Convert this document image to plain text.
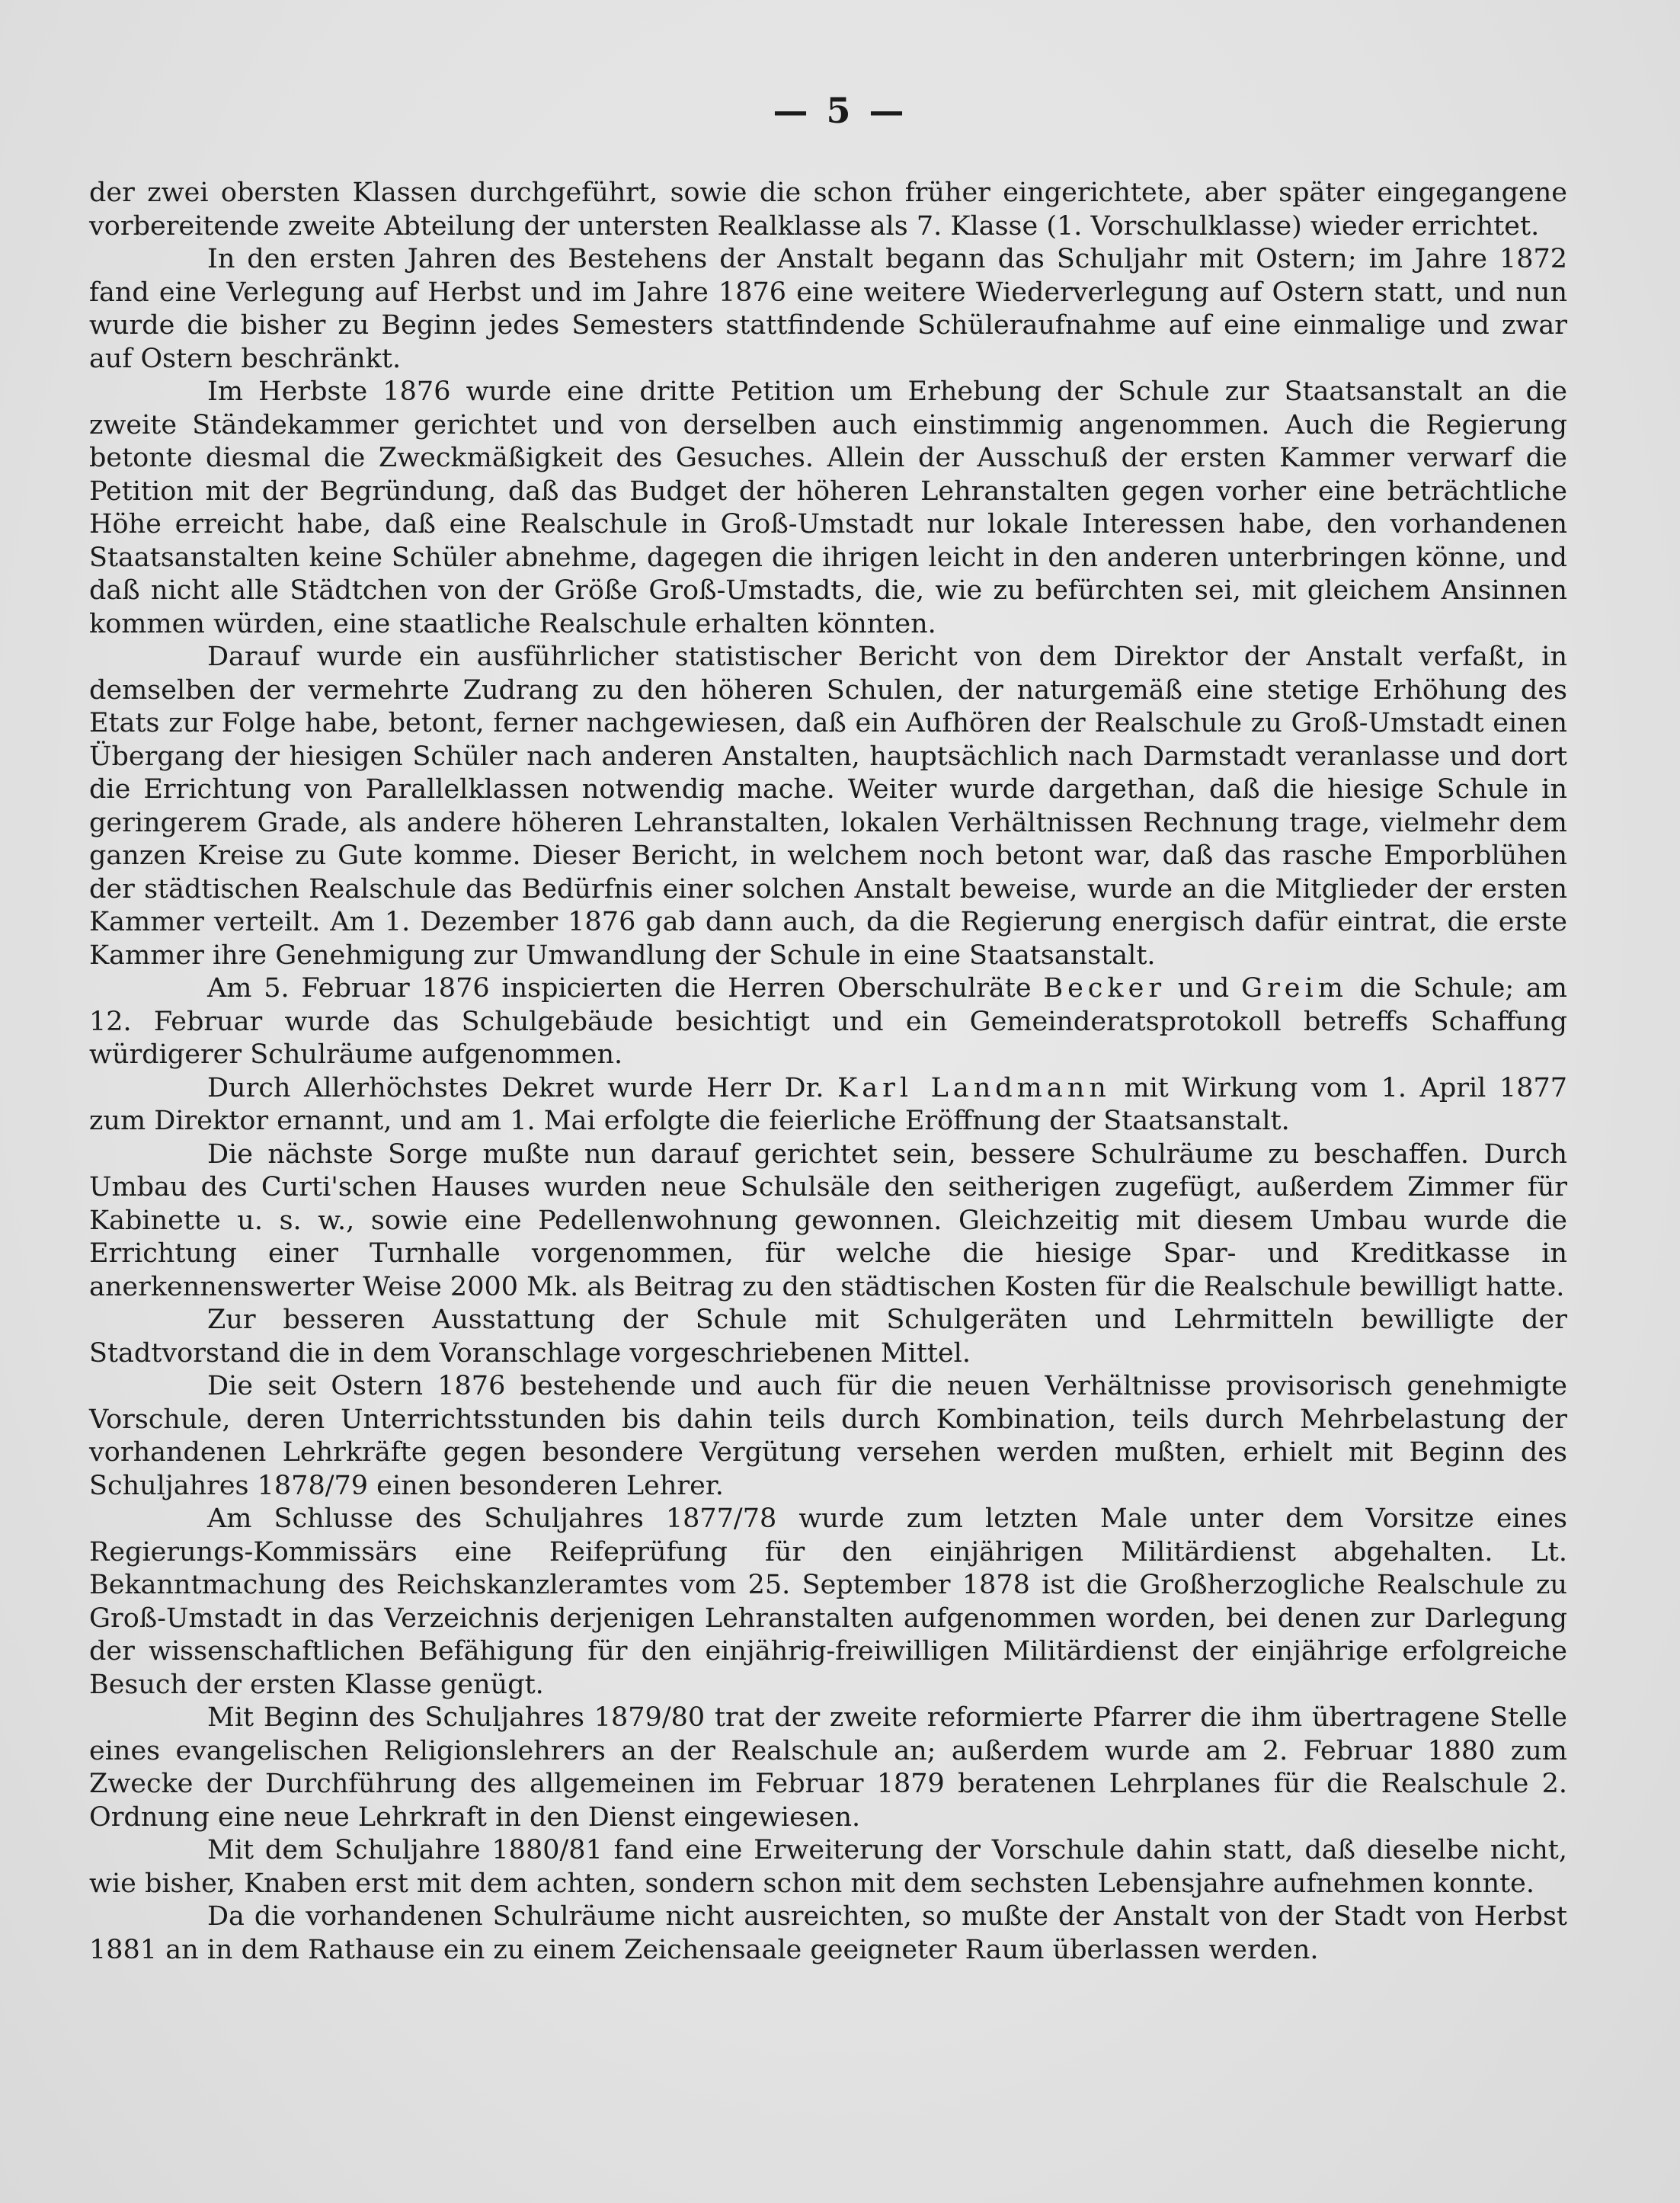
— 5 —

der zwei obersten Klassen durchgeführt, sowie die schon früher eingerichtete, aber später eingegangene vorbereitende zweite Abteilung der untersten Realklasse als 7. Klasse (1. Vorschulklasse) wieder errichtet.

In den ersten Jahren des Bestehens der Anstalt begann das Schuljahr mit Ostern; im Jahre 1872 fand eine Verlegung auf Herbst und im Jahre 1876 eine weitere Wiederverlegung auf Ostern statt, und nun wurde die bisher zu Beginn jedes Semesters stattfindende Schüleraufnahme auf eine einmalige und zwar auf Ostern beschränkt.

Im Herbste 1876 wurde eine dritte Petition um Erhebung der Schule zur Staatsanstalt an die zweite Ständekammer gerichtet und von derselben auch einstimmig angenommen. Auch die Regierung betonte diesmal die Zweckmäßigkeit des Gesuches. Allein der Ausschuß der ersten Kammer verwarf die Petition mit der Begründung, daß das Budget der höheren Lehranstalten gegen vorher eine beträchtliche Höhe erreicht habe, daß eine Realschule in Groß-Umstadt nur lokale Interessen habe, den vorhandenen Staatsanstalten keine Schüler abnehme, dagegen die ihrigen leicht in den anderen unterbringen könne, und daß nicht alle Städtchen von der Größe Groß-Umstadts, die, wie zu befürchten sei, mit gleichem Ansinnen kommen würden, eine staatliche Realschule erhalten könnten.

Darauf wurde ein ausführlicher statistischer Bericht von dem Direktor der Anstalt verfaßt, in demselben der vermehrte Zudrang zu den höheren Schulen, der naturgemäß eine stetige Erhöhung des Etats zur Folge habe, betont, ferner nachgewiesen, daß ein Aufhören der Realschule zu Groß-Umstadt einen Übergang der hiesigen Schüler nach anderen Anstalten, hauptsächlich nach Darmstadt veranlasse und dort die Errichtung von Parallelklassen notwendig mache. Weiter wurde dargethan, daß die hiesige Schule in geringerem Grade, als andere höheren Lehranstalten, lokalen Verhältnissen Rechnung trage, vielmehr dem ganzen Kreise zu Gute komme. Dieser Bericht, in welchem noch betont war, daß das rasche Emporblühen der städtischen Realschule das Bedürfnis einer solchen Anstalt beweise, wurde an die Mitglieder der ersten Kammer verteilt. Am 1. Dezember 1876 gab dann auch, da die Regierung energisch dafür eintrat, die erste Kammer ihre Genehmigung zur Umwandlung der Schule in eine Staatsanstalt.

Am 5. Februar 1876 inspicierten die Herren Oberschulräte Becker und Greim die Schule; am 12. Februar wurde das Schulgebäude besichtigt und ein Gemeinderatsprotokoll betreffs Schaffung würdigerer Schulräume aufgenommen.

Durch Allerhöchstes Dekret wurde Herr Dr. Karl Landmann mit Wirkung vom 1. April 1877 zum Direktor ernannt, und am 1. Mai erfolgte die feierliche Eröffnung der Staatsanstalt.

Die nächste Sorge mußte nun darauf gerichtet sein, bessere Schulräume zu beschaffen. Durch Umbau des Curti'schen Hauses wurden neue Schulsäle den seitherigen zugefügt, außerdem Zimmer für Kabinette u. s. w., sowie eine Pedellenwohnung gewonnen. Gleichzeitig mit diesem Umbau wurde die Errichtung einer Turnhalle vorgenommen, für welche die hiesige Spar- und Kreditkasse in anerkennenswerter Weise 2000 Mk. als Beitrag zu den städtischen Kosten für die Realschule bewilligt hatte.

Zur besseren Ausstattung der Schule mit Schulgeräten und Lehrmitteln bewilligte der Stadtvorstand die in dem Voranschlage vorgeschriebenen Mittel.

Die seit Ostern 1876 bestehende und auch für die neuen Verhältnisse provisorisch genehmigte Vorschule, deren Unterrichtsstunden bis dahin teils durch Kombination, teils durch Mehrbelastung der vorhandenen Lehrkräfte gegen besondere Vergütung versehen werden mußten, erhielt mit Beginn des Schuljahres 1878/79 einen besonderen Lehrer.

Am Schlusse des Schuljahres 1877/78 wurde zum letzten Male unter dem Vorsitze eines Regierungs-Kommissärs eine Reifeprüfung für den einjährigen Militärdienst abgehalten. Lt. Bekanntmachung des Reichskanzleramtes vom 25. September 1878 ist die Großherzogliche Realschule zu Groß-Umstadt in das Verzeichnis derjenigen Lehranstalten aufgenommen worden, bei denen zur Darlegung der wissenschaftlichen Befähigung für den einjährig-freiwilligen Militärdienst der einjährige erfolgreiche Besuch der ersten Klasse genügt.

Mit Beginn des Schuljahres 1879/80 trat der zweite reformierte Pfarrer die ihm übertragene Stelle eines evangelischen Religionslehrers an der Realschule an; außerdem wurde am 2. Februar 1880 zum Zwecke der Durchführung des allgemeinen im Februar 1879 beratenen Lehrplanes für die Realschule 2. Ordnung eine neue Lehrkraft in den Dienst eingewiesen.

Mit dem Schuljahre 1880/81 fand eine Erweiterung der Vorschule dahin statt, daß dieselbe nicht, wie bisher, Knaben erst mit dem achten, sondern schon mit dem sechsten Lebensjahre aufnehmen konnte.

Da die vorhandenen Schulräume nicht ausreichten, so mußte der Anstalt von der Stadt von Herbst 1881 an in dem Rathause ein zu einem Zeichensaale geeigneter Raum überlassen werden.
